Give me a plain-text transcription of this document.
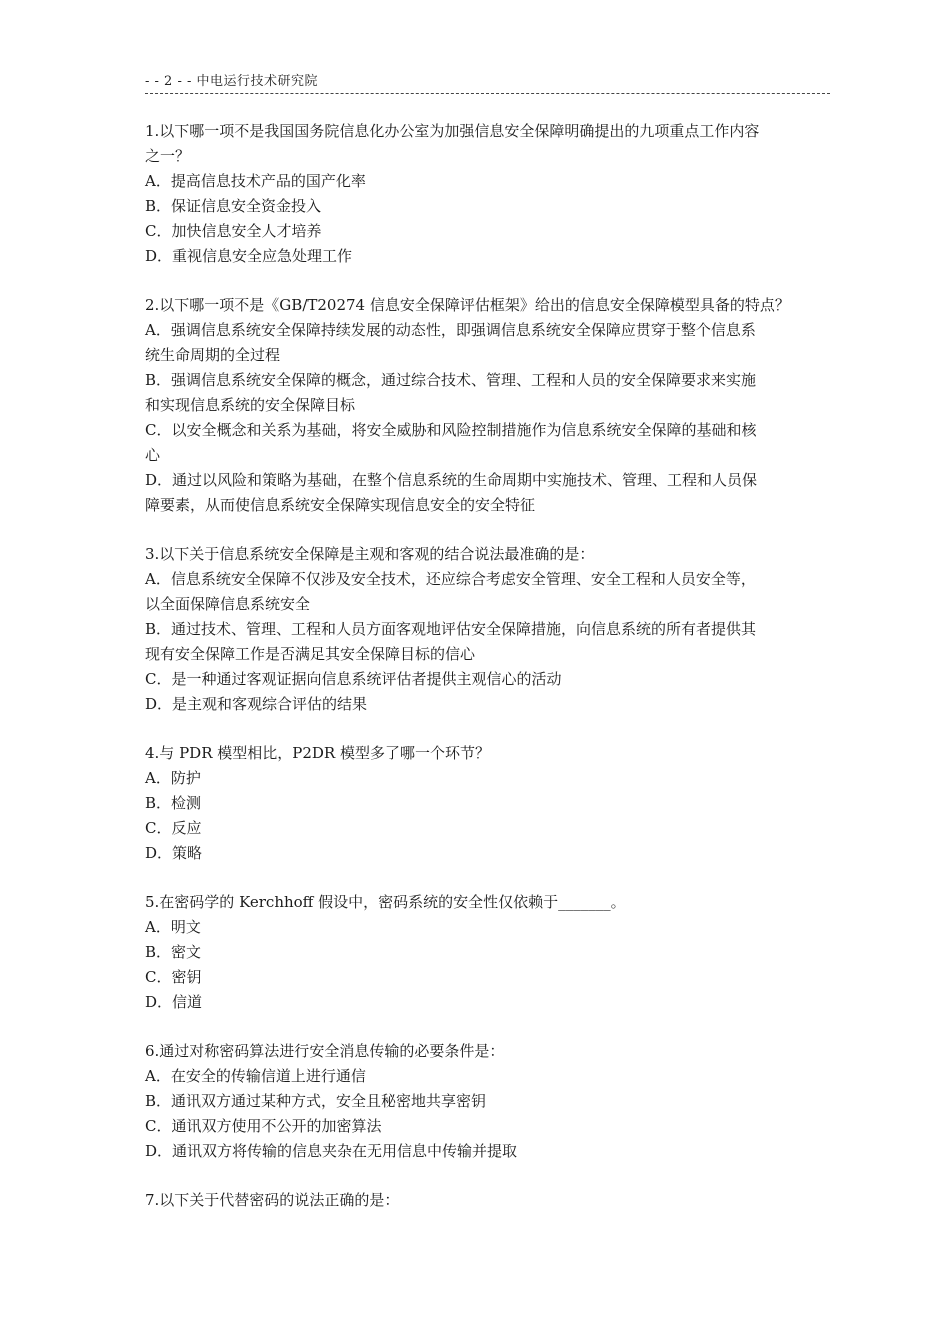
- - 2 - - 中电运行技术研究院

1.以下哪一项不是我国国务院信息化办公室为加强信息安全保障明确提出的九项重点工作内容

之一？

A．提高信息技术产品的国产化率

B．保证信息安全资金投入

C．加快信息安全人才培养

D．重视信息安全应急处理工作

2.以下哪一项不是《GB/T20274 信息安全保障评估框架》给出的信息安全保障模型具备的特点？

A．强调信息系统安全保障持续发展的动态性，即强调信息系统安全保障应贯穿于整个信息系

统生命周期的全过程

B．强调信息系统安全保障的概念，通过综合技术、管理、工程和人员的安全保障要求来实施

和实现信息系统的安全保障目标

C．以安全概念和关系为基础，将安全威胁和风险控制措施作为信息系统安全保障的基础和核

心

D．通过以风险和策略为基础，在整个信息系统的生命周期中实施技术、管理、工程和人员保

障要素，从而使信息系统安全保障实现信息安全的安全特征

3.以下关于信息系统安全保障是主观和客观的结合说法最准确的是：

A．信息系统安全保障不仅涉及安全技术，还应综合考虑安全管理、安全工程和人员安全等，

以全面保障信息系统安全

B．通过技术、管理、工程和人员方面客观地评估安全保障措施，向信息系统的所有者提供其

现有安全保障工作是否满足其安全保障目标的信心

C．是一种通过客观证据向信息系统评估者提供主观信心的活动

D．是主观和客观综合评估的结果

4.与 PDR 模型相比，P2DR 模型多了哪一个环节？

A．防护

B．检测

C．反应

D．策略

5.在密码学的 Kerchhoff 假设中，密码系统的安全性仅依赖于_______。

A．明文

B．密文

C．密钥

D．信道

6.通过对称密码算法进行安全消息传输的必要条件是：

A．在安全的传输信道上进行通信

B．通讯双方通过某种方式，安全且秘密地共享密钥

C．通讯双方使用不公开的加密算法

D．通讯双方将传输的信息夹杂在无用信息中传输并提取

7.以下关于代替密码的说法正确的是：
